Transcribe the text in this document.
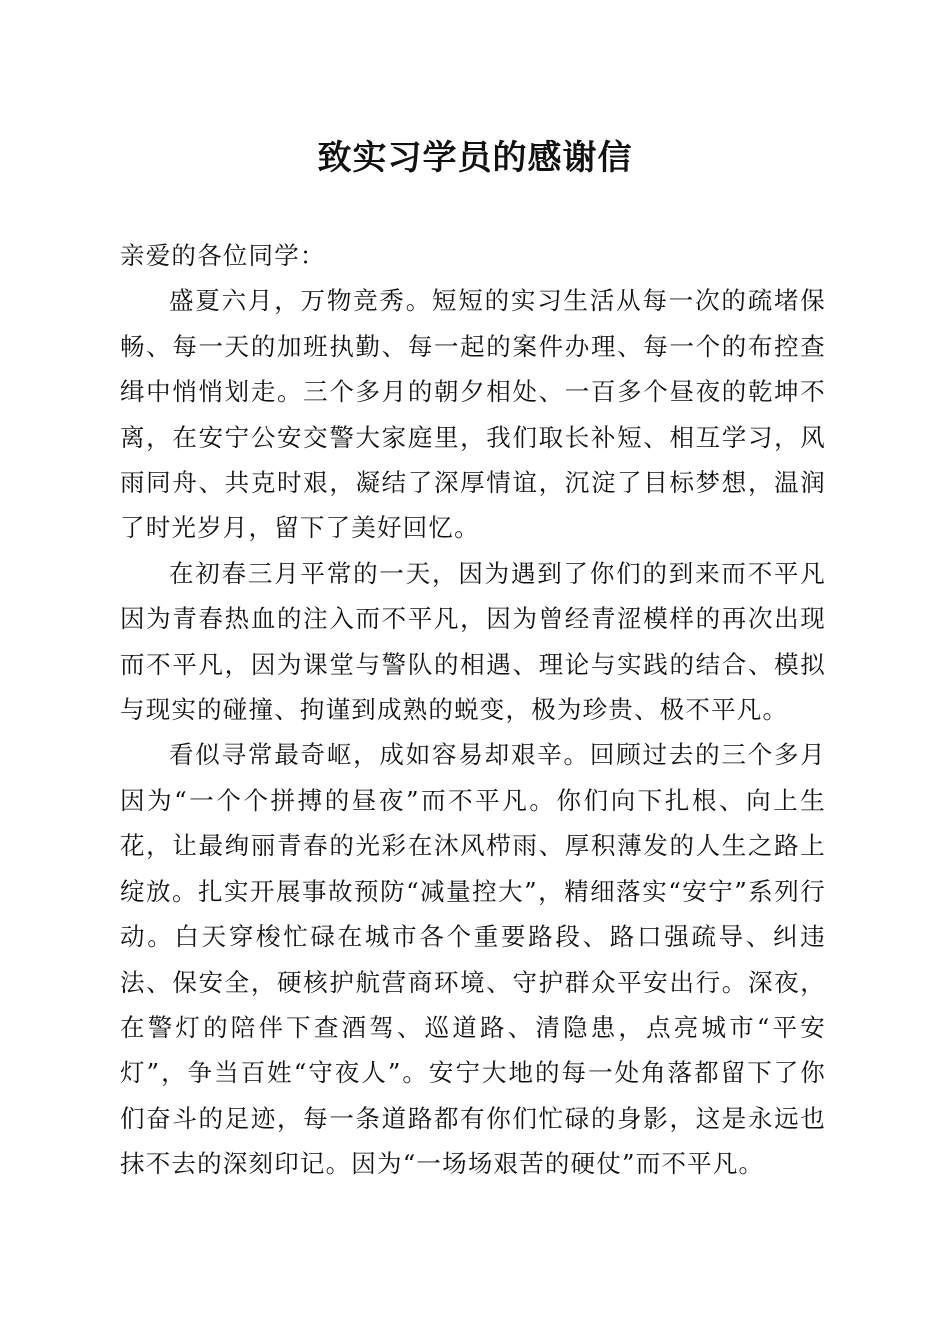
致实习学员的感谢信

亲爱的各位同学：

盛夏六月，万物竞秀。短短的实习生活从每一次的疏堵保畅、每一天的加班执勤、每一起的案件办理、每一个的布控查缉中悄悄划走。三个多月的朝夕相处、一百多个昼夜的乾坤不离，在安宁公安交警大家庭里，我们取长补短、相互学习，风雨同舟、共克时艰，凝结了深厚情谊，沉淀了目标梦想，温润了时光岁月，留下了美好回忆。

在初春三月平常的一天，因为遇到了你们的到来而不平凡因为青春热血的注入而不平凡，因为曾经青涩模样的再次出现而不平凡，因为课堂与警队的相遇、理论与实践的结合、模拟与现实的碰撞、拘谨到成熟的蜕变，极为珍贵、极不平凡。

看似寻常最奇岖，成如容易却艰辛。回顾过去的三个多月因为“一个个拼搏的昼夜”而不平凡。你们向下扎根、向上生花，让最绚丽青春的光彩在沐风栉雨、厚积薄发的人生之路上绽放。扎实开展事故预防“减量控大”，精细落实“安宁”系列行动。白天穿梭忙碌在城市各个重要路段、路口强疏导、纠违法、保安全，硬核护航营商环境、守护群众平安出行。深夜，在警灯的陪伴下查酒驾、巡道路、清隐患，点亮城市“平安灯”，争当百姓“守夜人”。安宁大地的每一处角落都留下了你们奋斗的足迹，每一条道路都有你们忙碌的身影，这是永远也抹不去的深刻印记。因为“一场场艰苦的硬仗”而不平凡。
